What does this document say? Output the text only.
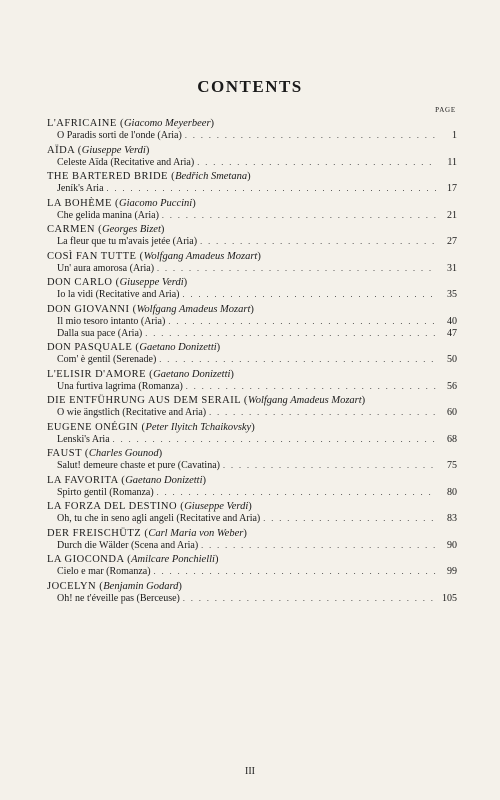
CONTENTS
PAGE
L'AFRICAINE (Giacomo Meyerbeer)
O Paradis sorti de l'onde (Aria) . . .	1
AÏDA (Giuseppe Verdi)
Celeste Aïda (Recitative and Aria) . . .	11
THE BARTERED BRIDE (Bedřich Smetana)
Jeník's Aria . . .	17
LA BOHÈME (Giacomo Puccini)
Che gelida manina (Aria) . . .	21
CARMEN (Georges Bizet)
La fleur que tu m'avais jetée (Aria) . . .	27
COSÌ FAN TUTTE (Wolfgang Amadeus Mozart)
Un' aura amorosa (Aria) . . .	31
DON CARLO (Giuseppe Verdi)
Io la vidi (Recitative and Aria) . . .	35
DON GIOVANNI (Wolfgang Amadeus Mozart)
Il mio tesoro intanto (Aria) . . .	40
Dalla sua pace (Aria) . . .	47
DON PASQUALE (Gaetano Donizetti)
Com' è gentil (Serenade) . . .	50
L'ELISIR D'AMORE (Gaetano Donizetti)
Una furtiva lagrima (Romanza) . . .	56
DIE ENTFÜHRUNG AUS DEM SERAIL (Wolfgang Amadeus Mozart)
O wie ängstlich (Recitative and Aria) . . .	60
EUGENE ONÉGIN (Peter Ilyitch Tchaikovsky)
Lenski's Aria . . .	68
FAUST (Charles Gounod)
Salut! demeure chaste et pure (Cavatina) . . .	75
LA FAVORITA (Gaetano Donizetti)
Spirto gentil (Romanza) . . .	80
LA FORZA DEL DESTINO (Giuseppe Verdi)
Oh, tu che in seno agli angeli (Recitative and Aria) . . .	83
DER FREISCHÜTZ (Carl Maria von Weber)
Durch die Wälder (Scena and Aria) . . .	90
LA GIOCONDA (Amilcare Ponchielli)
Cielo e mar (Romanza) . . .	99
JOCELYN (Benjamin Godard)
Oh! ne t'éveille pas (Berceuse) . . .	105
III
